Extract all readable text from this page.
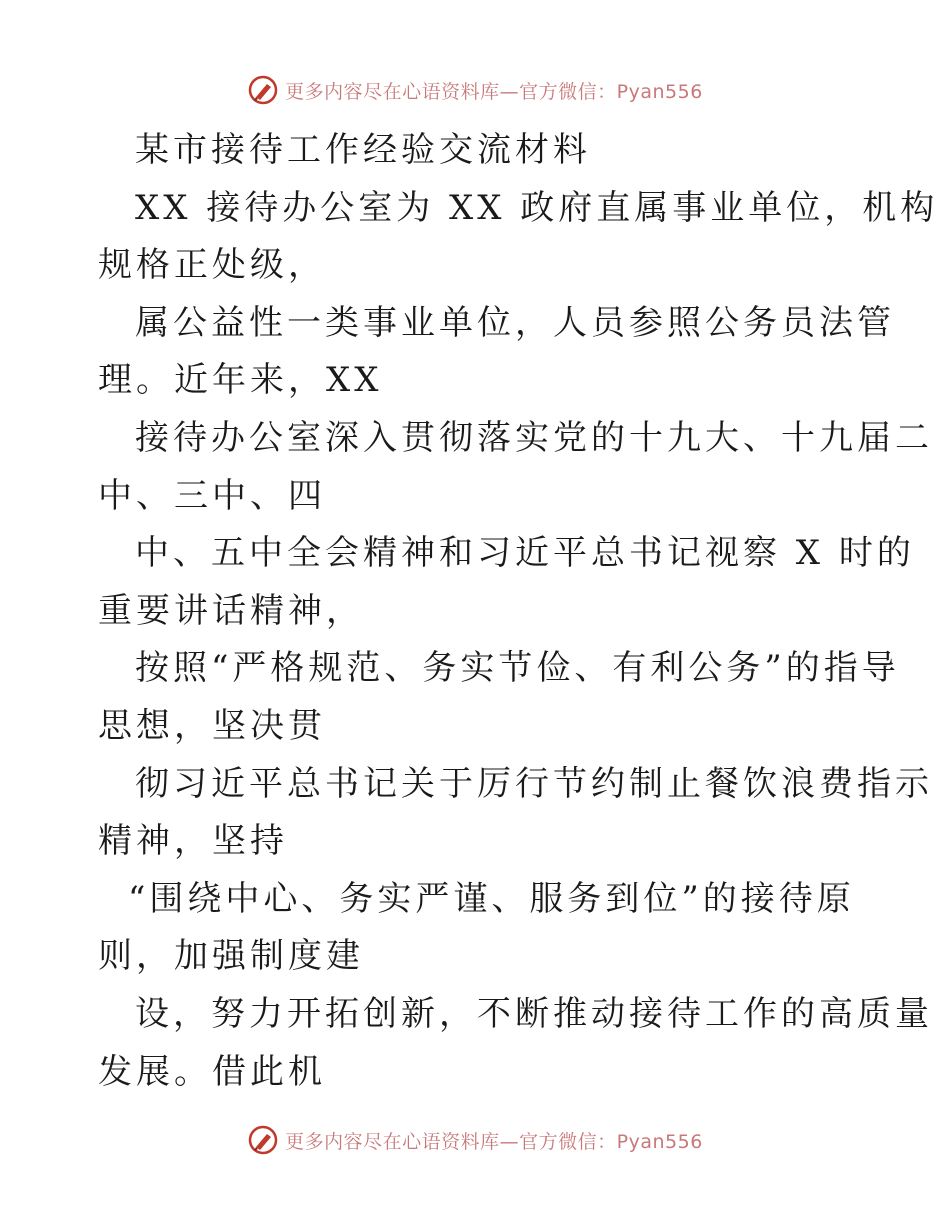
更多内容尽在心语资料库—官方微信：Pyan556
某市接待工作经验交流材料
XX 接待办公室为 XX 政府直属事业单位，机构
规格正处级，
属公益性一类事业单位，人员参照公务员法管
理。近年来，XX
接待办公室深入贯彻落实党的十九大、十九届二
中、三中、四
中、五中全会精神和习近平总书记视察 X 时的
重要讲话精神，
按照“严格规范、务实节俭、有利公务”的指导
思想，坚决贯
彻习近平总书记关于厉行节约制止餐饮浪费指示
精神，坚持
“围绕中心、务实严谨、服务到位”的接待原
则，加强制度建
设，努力开拓创新，不断推动接待工作的高质量
发展。借此机
更多内容尽在心语资料库—官方微信：Pyan556
